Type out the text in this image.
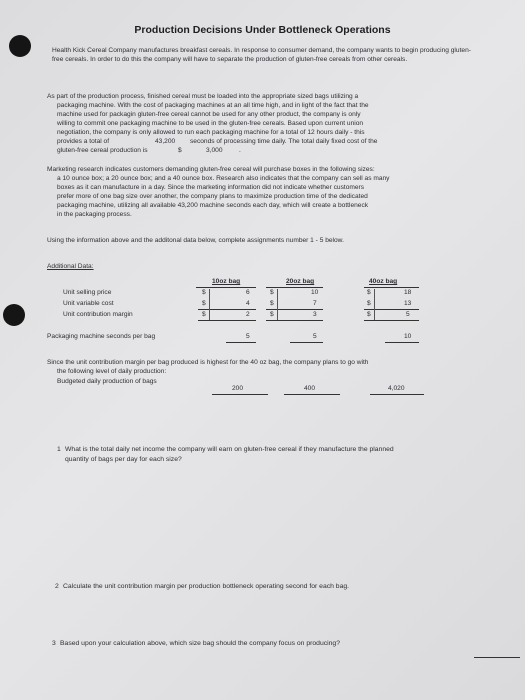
Production Decisions Under Bottleneck Operations
Health Kick Cereal Company manufactures breakfast cereals. In response to consumer demand, the company wants to begin producing gluten-free cereals. In order to do this the company will have to separate the production of gluten-free cereals from other cereals.
As part of the production process, finished cereal must be loaded into the appropriate sized bags utilizing a
packaging machine. With the cost of packaging machines at an all time high, and in light of the fact that the
machine used for packagin gluten-free cereal cannot be used for any other product, the company is only
willing to commit one packaging machine to be used in the gluten-free cereals. Based upon current union
negotiation, the company is only allowed to run each packaging machine for a total of 12 hours daily - this
provides a total of	43,200 seconds of processing time daily. The total daily fixed cost of the
gluten-free cereal production is	$	3,000 .
Marketing research indicates customers demanding gluten-free cereal will purchase boxes in the following sizes:
a 10 ounce box; a 20 ounce box; and a 40 ounce box. Research also indicates that the company can sell as many
boxes as it can manufacture in a day. Since the marketing information did not indicate whether customers
prefer more of one bag size over another, the company plans to maximize production time of the dedicated
packaging machine, utilizing all available 43,200 machine seconds each day, which will create a bottleneck
in the packaging process.
Using the information above and the additonal data below, complete assignments number 1 - 5 below.
Additional Data:
10oz bag	20oz bag	40oz bag
Unit selling price	$	6	$	10	$	18
Unit variable cost	$	4	$	7	$	13
Unit contribution margin	$	2	$	3	$	5
Packaging machine seconds per bag	5	5	10
Since the unit contribution margin per bag produced is highest for the 40 oz bag, the company plans to go with
the following level of daily production:
Budgeted daily production of bags
200	400	4,020
1 What is the total daily net income the company will earn on gluten-free cereal if they manufacture the planned
quantity of bags per day for each size?
2 Calculate the unit contribution margin per production bottleneck operating second for each bag.
3 Based upon your calculation above, which size bag should the company focus on producing?
